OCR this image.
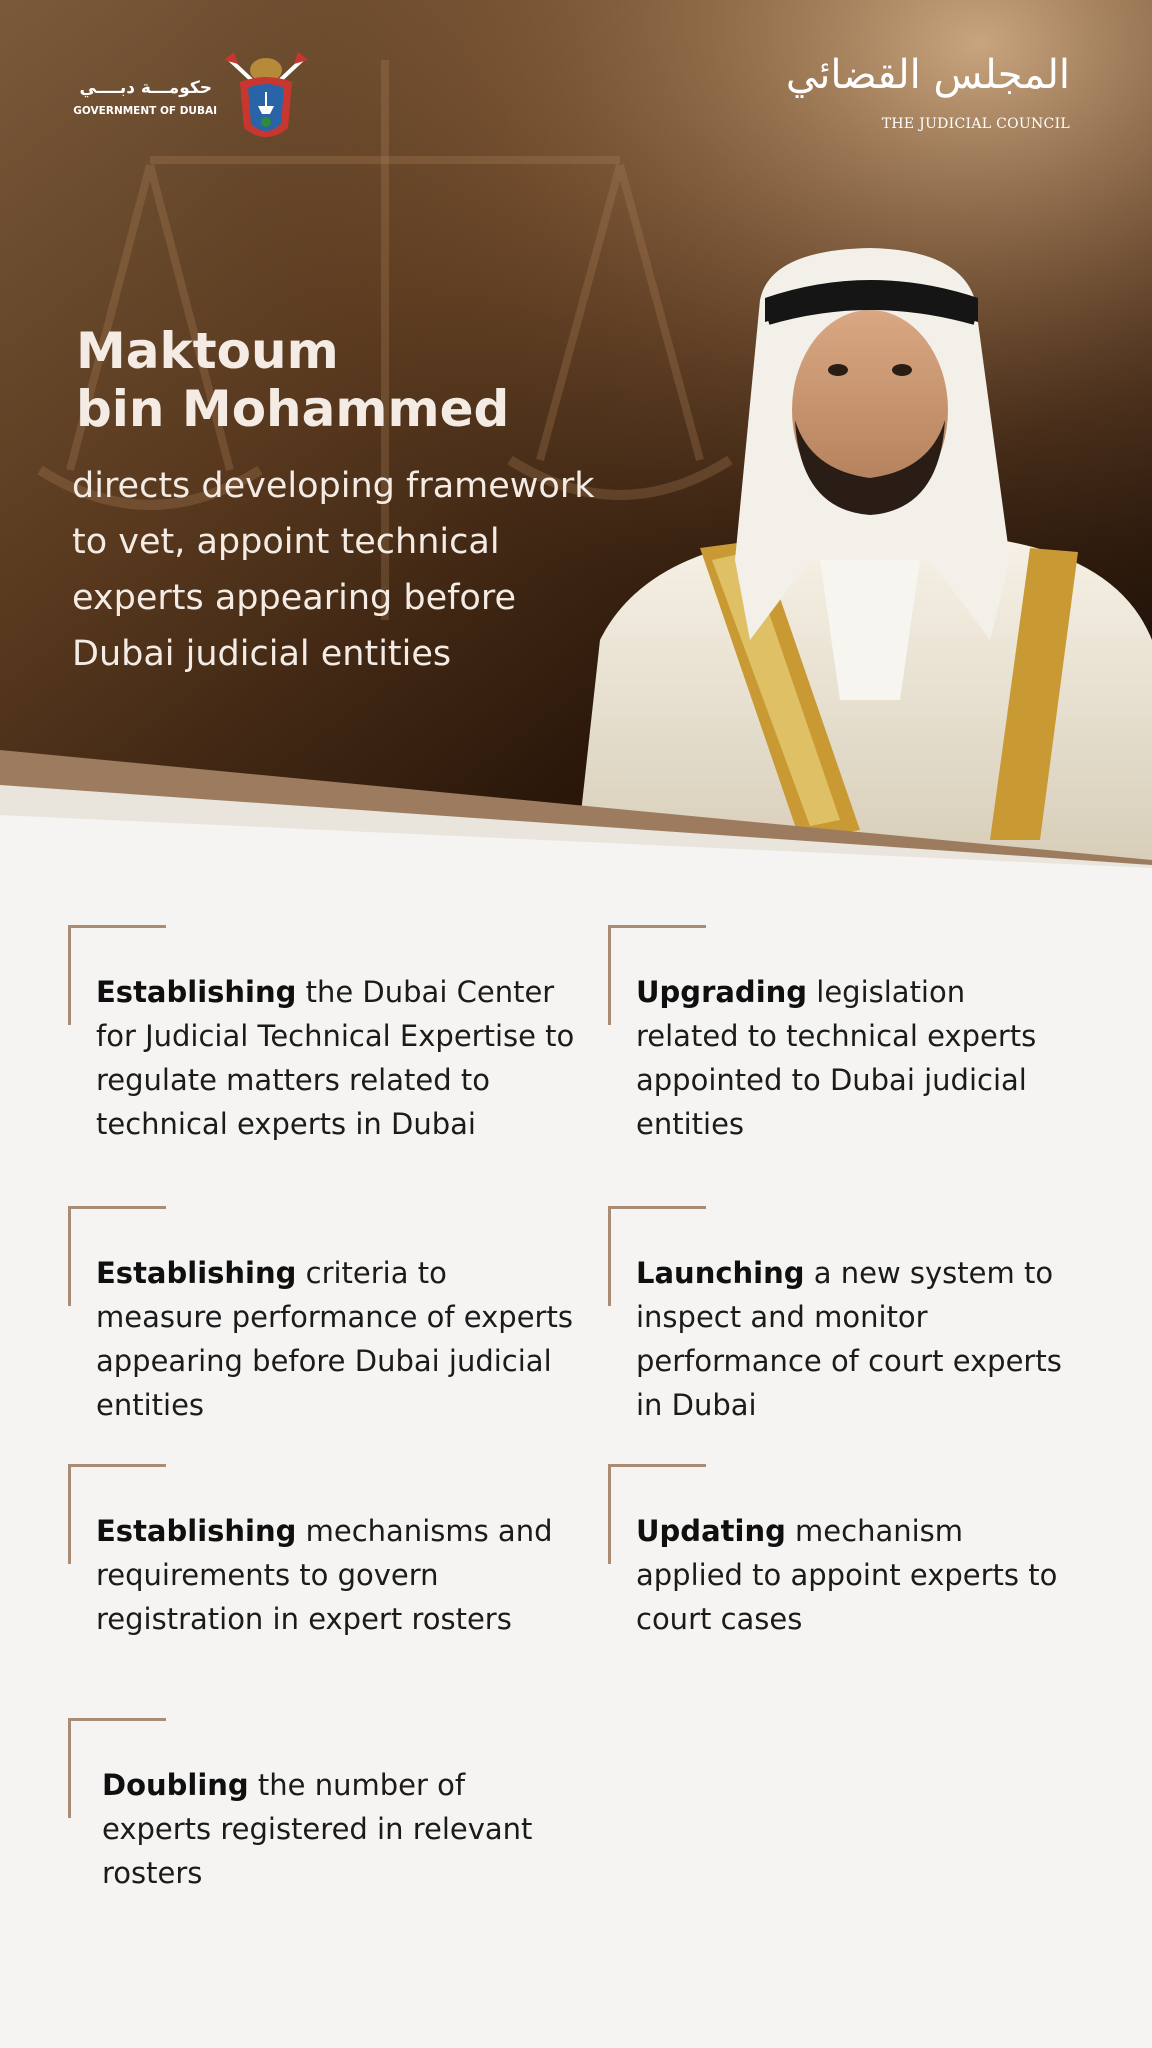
حكومـــة دبــــي
GOVERNMENT OF DUBAI
المجلس القضائي
THE JUDICIAL COUNCIL
Maktoum
bin Mohammed

directs developing framework
to vet, appoint technical
experts appearing before
Dubai judicial entities

Establishing the Dubai Center for Judicial Technical Expertise to regulate matters related to technical experts in Dubai

Upgrading legislation related to technical experts appointed to Dubai judicial entities

Establishing criteria to measure performance of experts appearing before Dubai judicial entities

Launching a new system to inspect and monitor performance of court experts in Dubai

Establishing mechanisms and requirements to govern registration in expert rosters

Updating mechanism applied to appoint experts to court cases

Doubling the number of experts registered in relevant rosters
